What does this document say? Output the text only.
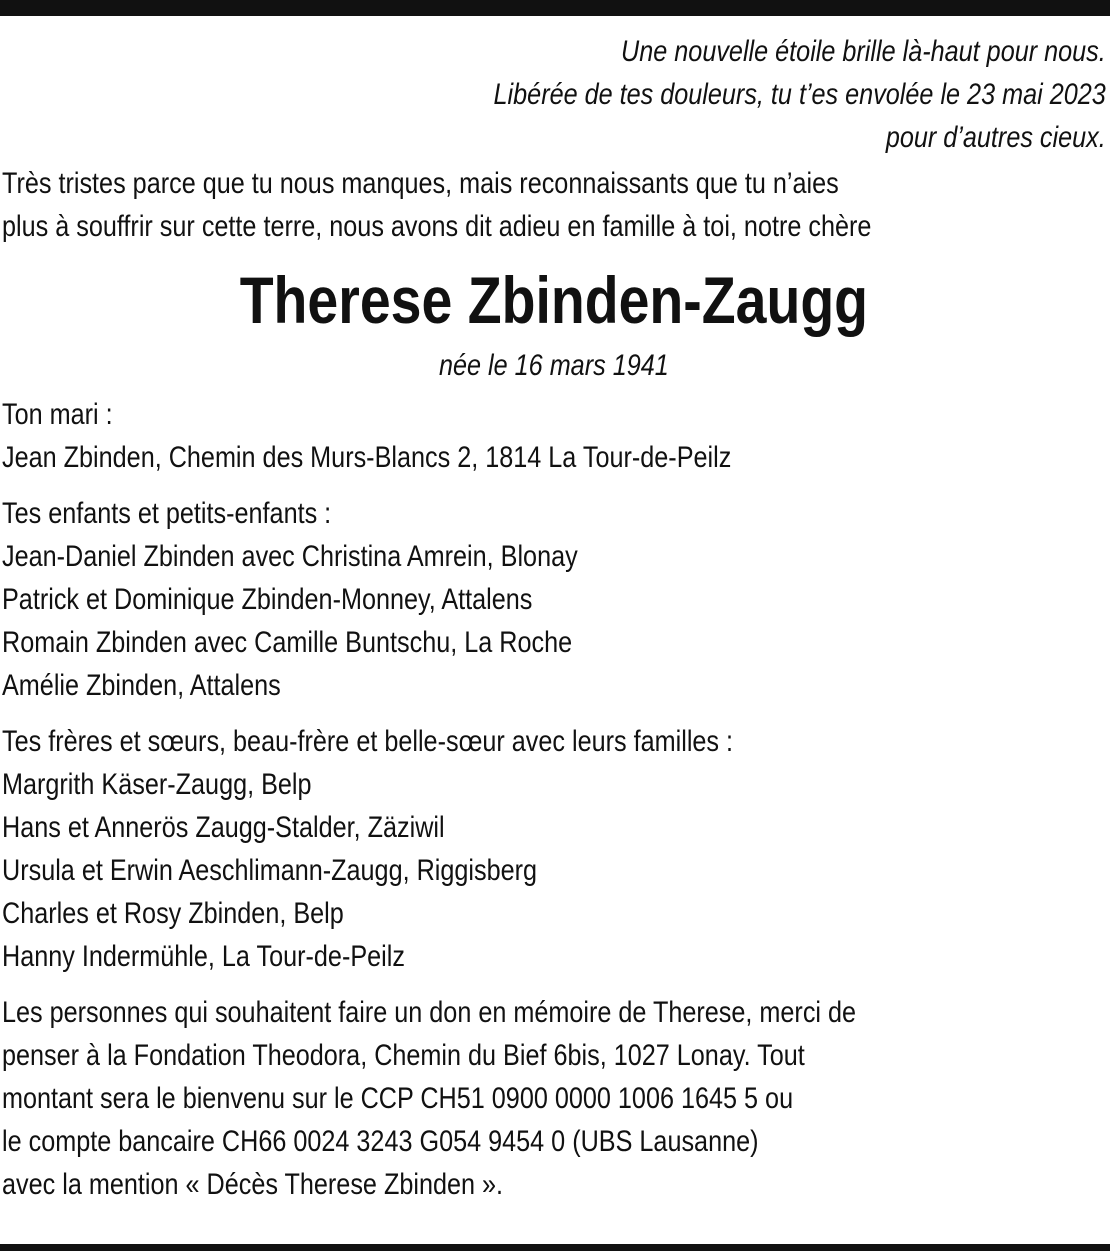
Une nouvelle étoile brille là-haut pour nous.
Libérée de tes douleurs, tu t’es envolée le 23 mai 2023
pour d’autres cieux.
Très tristes parce que tu nous manques, mais reconnaissants que tu n’aies
plus à souffrir sur cette terre, nous avons dit adieu en famille à toi, notre chère
Therese Zbinden-Zaugg
née le 16 mars 1941
Ton mari :
Jean Zbinden, Chemin des Murs-Blancs 2, 1814 La Tour-de-Peilz
Tes enfants et petits-enfants :
Jean-Daniel Zbinden avec Christina Amrein, Blonay
Patrick et Dominique Zbinden-Monney, Attalens
Romain Zbinden avec Camille Buntschu, La Roche
Amélie Zbinden, Attalens
Tes frères et sœurs, beau-frère et belle-sœur avec leurs familles :
Margrith Käser-Zaugg, Belp
Hans et Annerös Zaugg-Stalder, Zäziwil
Ursula et Erwin Aeschlimann-Zaugg, Riggisberg
Charles et Rosy Zbinden, Belp
Hanny Indermühle, La Tour-de-Peilz
Les personnes qui souhaitent faire un don en mémoire de Therese, merci de
penser à la Fondation Theodora, Chemin du Bief 6bis, 1027 Lonay. Tout
montant sera le bienvenu sur le CCP CH51 0900 0000 1006 1645 5 ou
le compte bancaire CH66 0024 3243 G054 9454 0 (UBS Lausanne)
avec la mention « Décès Therese Zbinden ».
